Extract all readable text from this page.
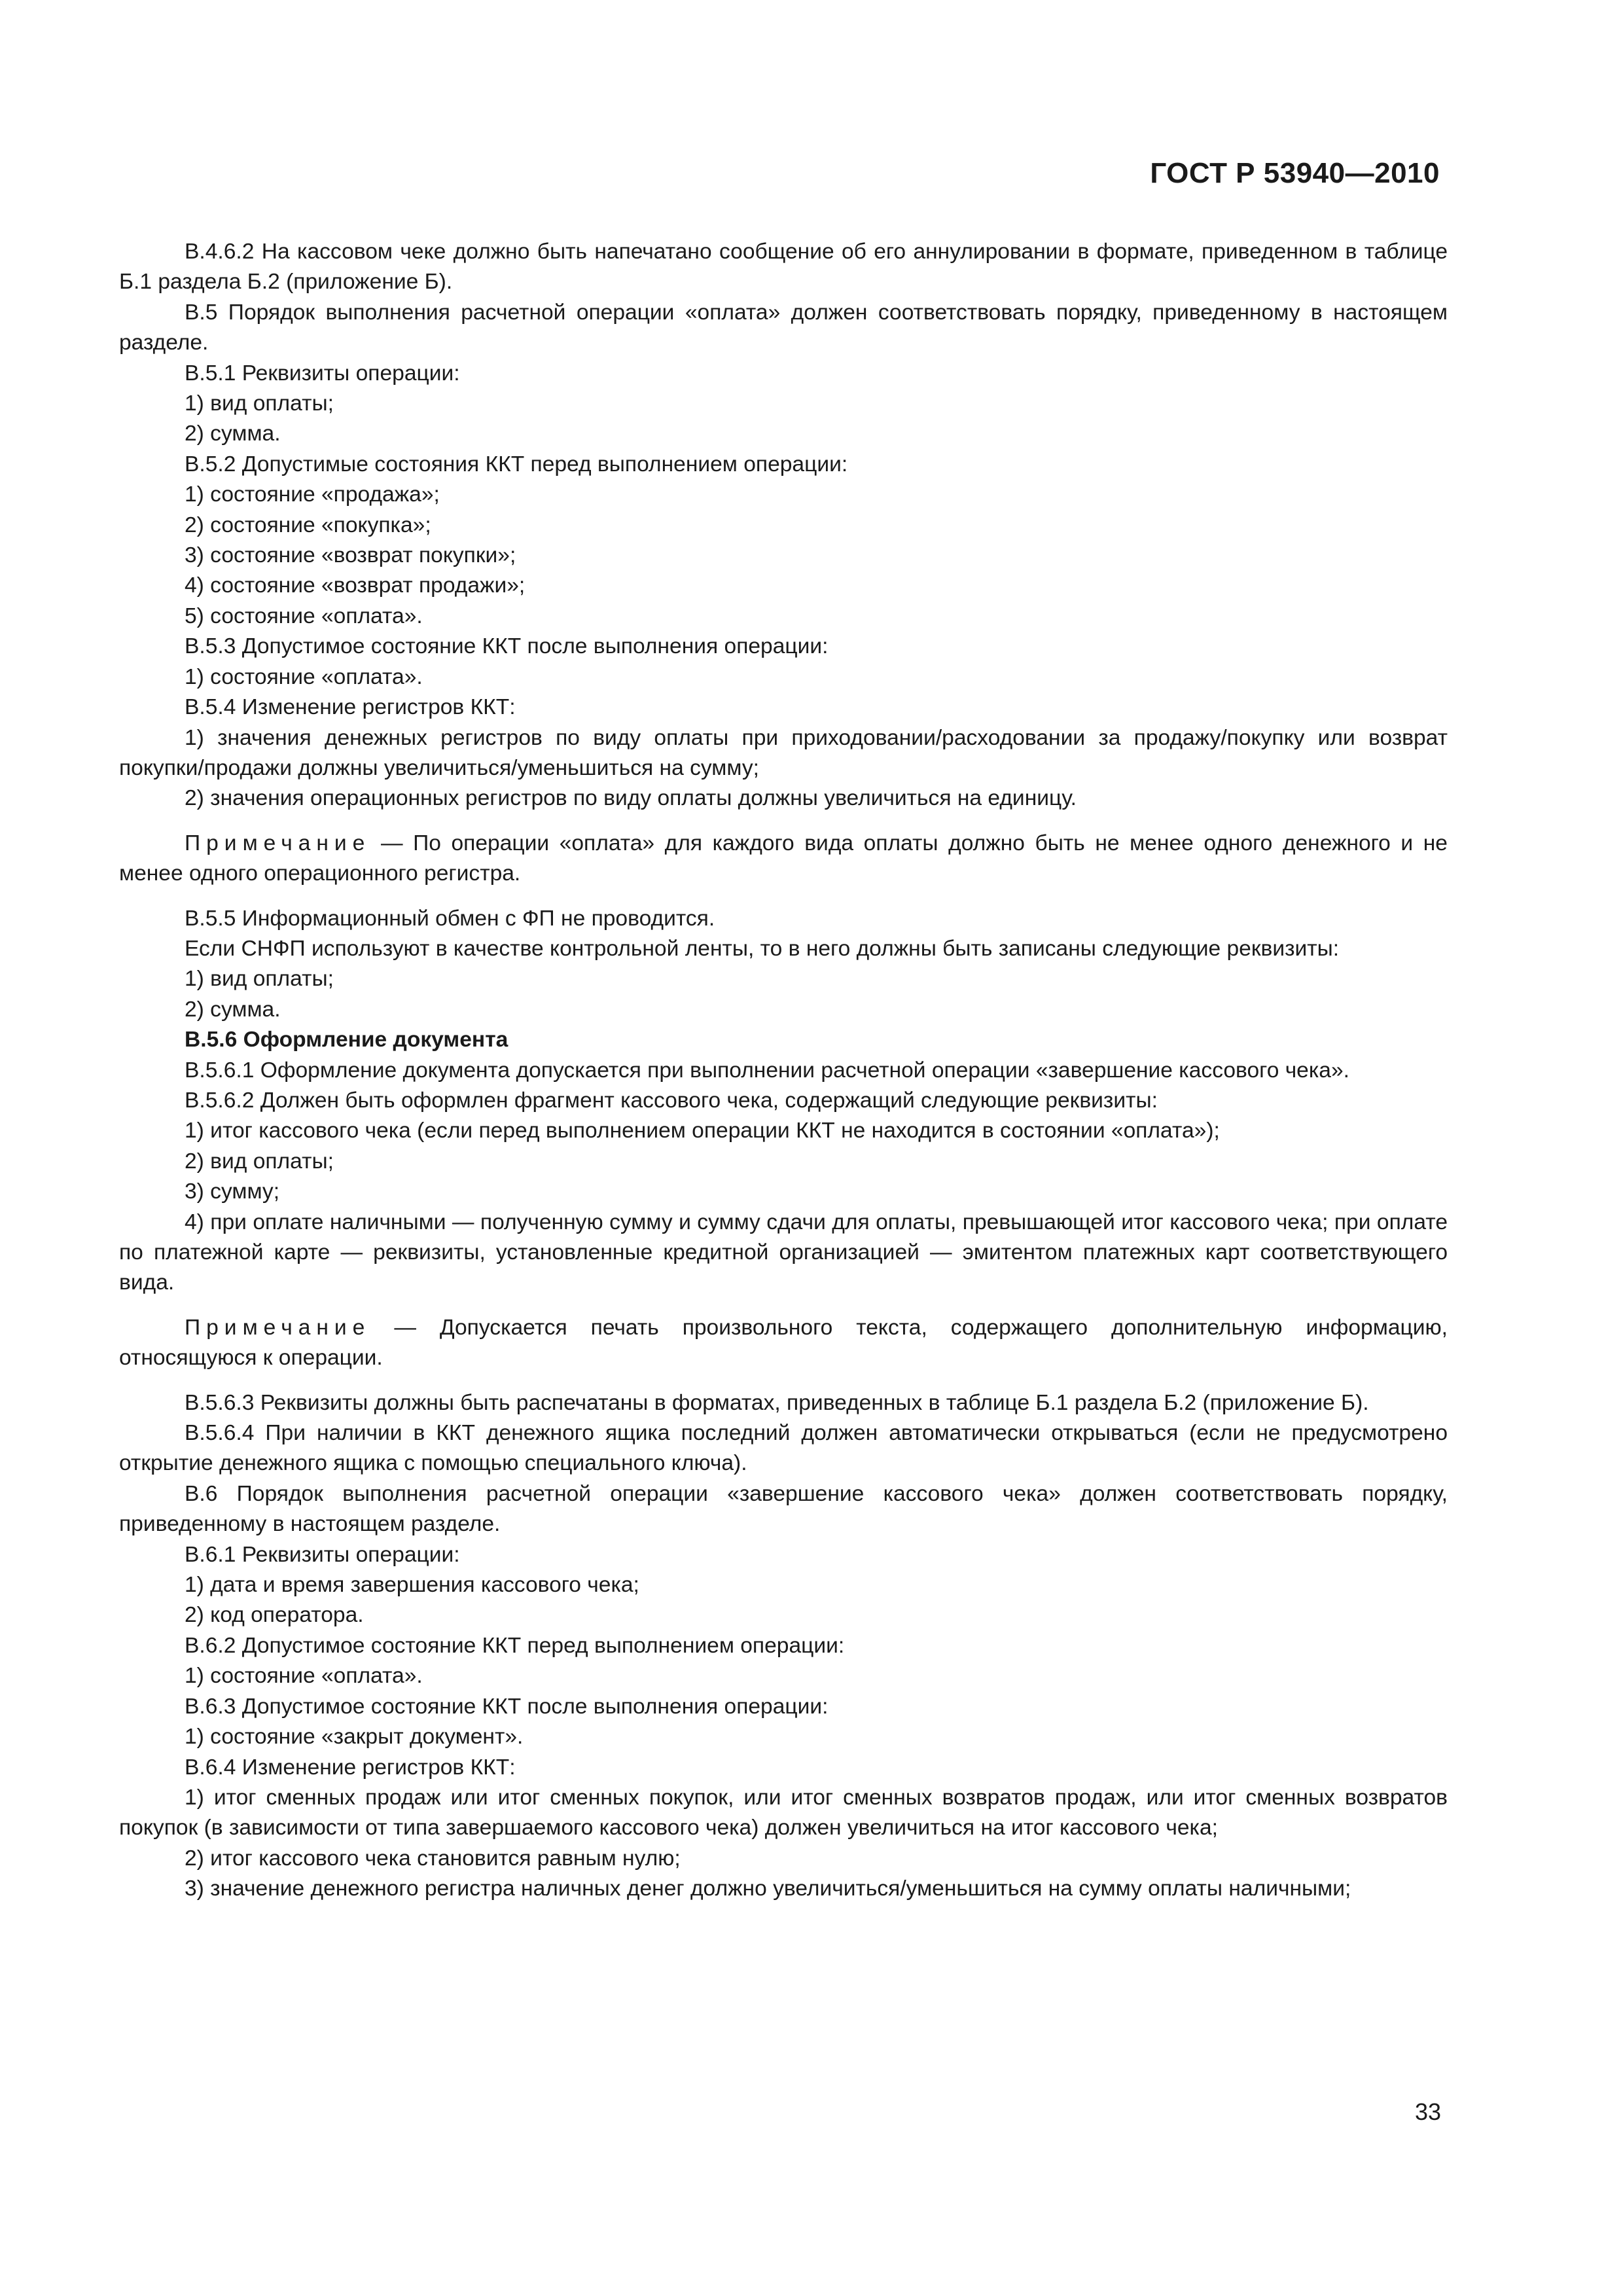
ГОСТ Р 53940—2010

В.4.6.2 На кассовом чеке должно быть напечатано сообщение об его аннулировании в формате, приведенном в таблице Б.1 раздела Б.2 (приложение Б).

В.5 Порядок выполнения расчетной операции «оплата» должен соответствовать порядку, приведенному в настоящем разделе.

В.5.1 Реквизиты операции:

1) вид оплаты;

2) сумма.

В.5.2 Допустимые состояния ККТ перед выполнением операции:

1) состояние «продажа»;

2) состояние «покупка»;

3) состояние «возврат покупки»;

4) состояние «возврат продажи»;

5) состояние «оплата».

В.5.3 Допустимое состояние ККТ после выполнения операции:

1) состояние «оплата».

В.5.4 Изменение регистров ККТ:

1) значения денежных регистров по виду оплаты при приходовании/расходовании за продажу/покупку или возврат покупки/продажи должны увеличиться/уменьшиться на сумму;

2) значения операционных регистров по виду оплаты должны увеличиться на единицу.

Примечание — По операции «оплата» для каждого вида оплаты должно быть не менее одного денежного и не менее одного операционного регистра.

В.5.5 Информационный обмен с ФП не проводится.

Если СНФП используют в качестве контрольной ленты, то в него должны быть записаны следующие реквизиты:

1) вид оплаты;

2) сумма.

В.5.6 Оформление документа

В.5.6.1 Оформление документа допускается при выполнении расчетной операции «завершение кассового чека».

В.5.6.2 Должен быть оформлен фрагмент кассового чека, содержащий следующие реквизиты:

1) итог кассового чека (если перед выполнением операции ККТ не находится в состоянии «оплата»);

2) вид оплаты;

3) сумму;

4) при оплате наличными — полученную сумму и сумму сдачи для оплаты, превышающей итог кассового чека; при оплате по платежной карте — реквизиты, установленные кредитной организацией — эмитентом платежных карт соответствующего вида.

Примечание — Допускается печать произвольного текста, содержащего дополнительную информацию, относящуюся к операции.

В.5.6.3 Реквизиты должны быть распечатаны в форматах, приведенных в таблице Б.1 раздела Б.2 (приложение Б).

В.5.6.4 При наличии в ККТ денежного ящика последний должен автоматически открываться (если не предусмотрено открытие денежного ящика с помощью специального ключа).

В.6 Порядок выполнения расчетной операции «завершение кассового чека» должен соответствовать порядку, приведенному в настоящем разделе.

В.6.1 Реквизиты операции:

1) дата и время завершения кассового чека;

2) код оператора.

В.6.2 Допустимое состояние ККТ перед выполнением операции:

1) состояние «оплата».

В.6.3 Допустимое состояние ККТ после выполнения операции:

1) состояние «закрыт документ».

В.6.4 Изменение регистров ККТ:

1) итог сменных продаж или итог сменных покупок, или итог сменных возвратов продаж, или итог сменных возвратов покупок (в зависимости от типа завершаемого кассового чека) должен увеличиться на итог кассового чека;

2) итог кассового чека становится равным нулю;

3) значение денежного регистра наличных денег должно увеличиться/уменьшиться на сумму оплаты наличными;

33
